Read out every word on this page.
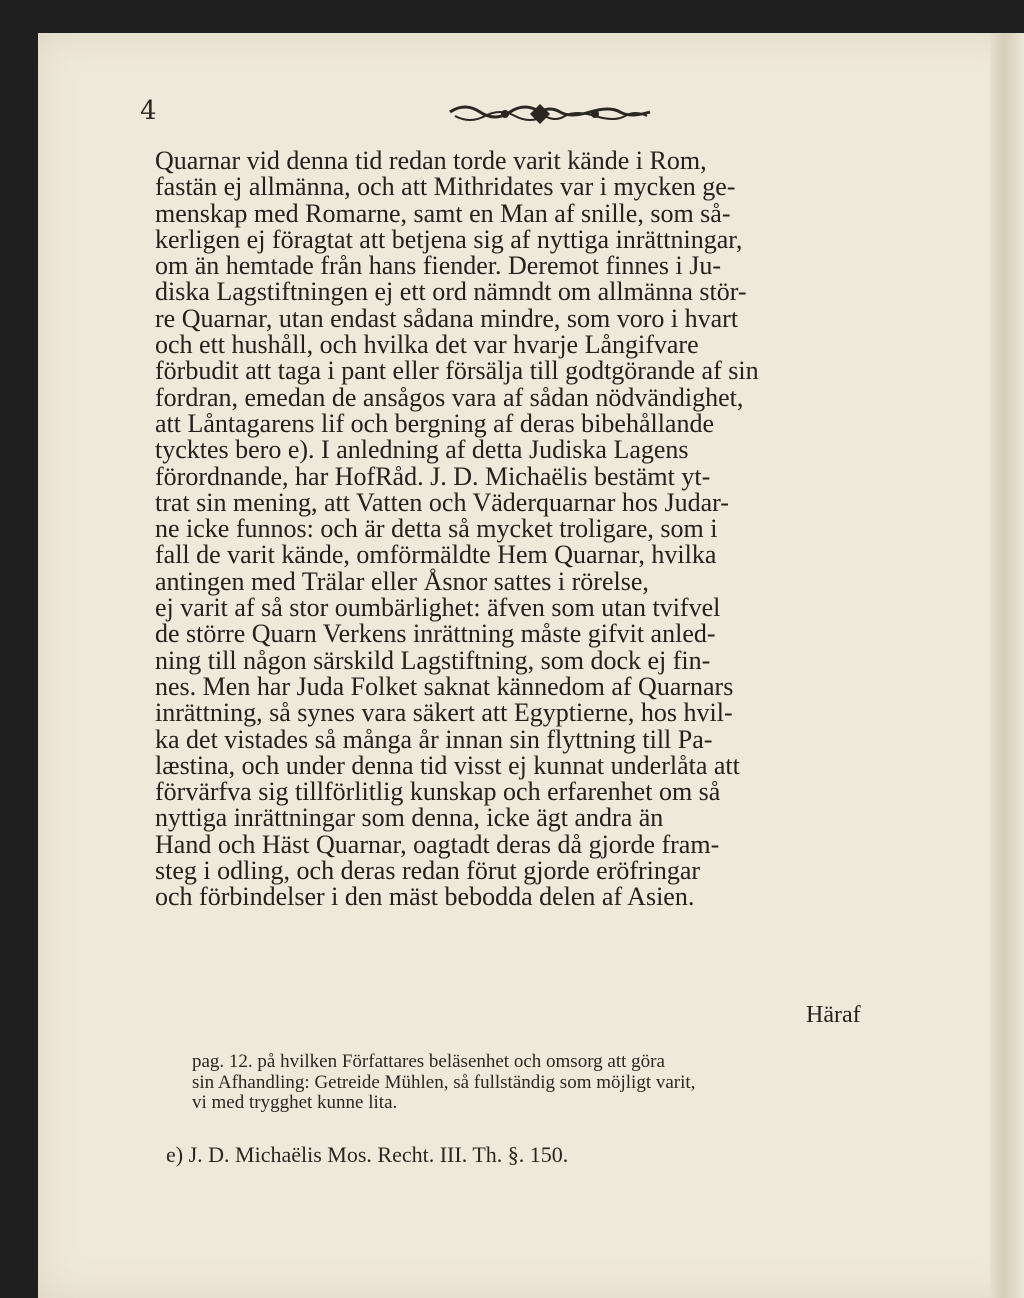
4
Quarnar vid denna tid redan torde varit kände i Rom,
fastän ej allmänna, och att Mithridates var i mycken ge-
menskap med Romarne, samt en Man af snille, som så-
kerligen ej föragtat att betjena sig af nyttiga inrättningar,
om än hemtade från hans fiender. Deremot finnes i Ju-
diska Lagstiftningen ej ett ord nämndt om allmänna stör-
re Quarnar, utan endast sådana mindre, som voro i hvart
och ett hushåll, och hvilka det var hvarje Långifvare
förbudit att taga i pant eller försälja till godtgörande af sin
fordran, emedan de ansågos vara af sådan nödvändighet,
att Låntagarens lif och bergning af deras bibehållande
tycktes bero e). I anledning af detta Judiska Lagens
förordnande, har HofRåd. J. D. Michaëlis bestämt yt-
trat sin mening, att Vatten och Väderquarnar hos Judar-
ne icke funnos: och är detta så mycket troligare, som i
fall de varit kände, omförmäldte Hem Quarnar, hvilka
antingen med Trälar eller Åsnor sattes i rörelse,
ej varit af så stor oumbärlighet: äfven som utan tvifvel
de större Quarn Verkens inrättning måste gifvit anled-
ning till någon särskild Lagstiftning, som dock ej fin-
nes. Men har Juda Folket saknat kännedom af Quarnars
inrättning, så synes vara säkert att Egyptierne, hos hvil-
ka det vistades så många år innan sin flyttning till Pa-
læstina, och under denna tid visst ej kunnat underlåta att
förvärfva sig tillförlitlig kunskap och erfarenhet om så
nyttiga inrättningar som denna, icke ägt andra än
Hand och Häst Quarnar, oagtadt deras då gjorde fram-
steg i odling, och deras redan förut gjorde eröfringar
och förbindelser i den mäst bebodda delen af Asien.
Häraf
pag. 12. på hvilken Författares beläsenhet och omsorg att göra
sin Afhandling: Getreide Mühlen, så fullständig som möjligt varit,
vi med trygghet kunne lita.
e) J. D. Michaëlis Mos. Recht. III. Th. §. 150.
